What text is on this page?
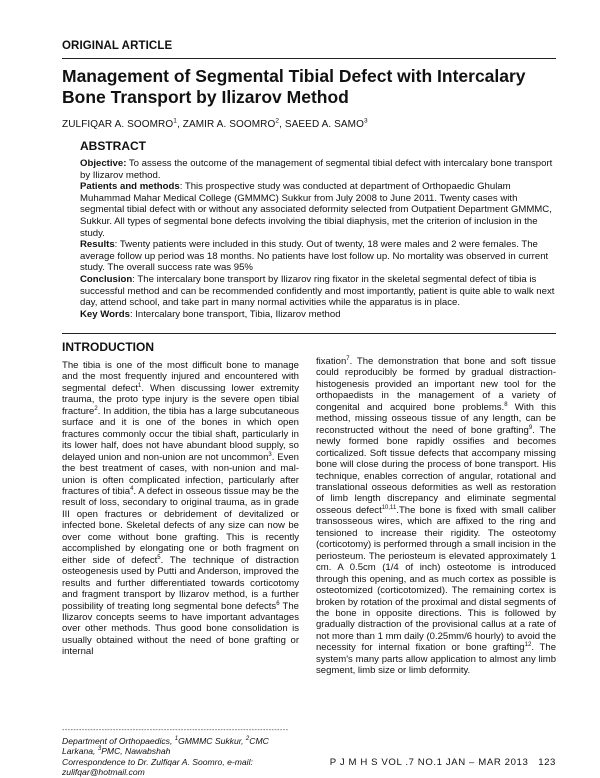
ORIGINAL ARTICLE
Management of Segmental Tibial Defect with Intercalary Bone Transport by Ilizarov Method
ZULFIQAR A. SOOMRO$^1$, ZAMIR A. SOOMRO$^2$, SAEED A. SAMO$^3$
ABSTRACT

Objective: To assess the outcome of the management of segmental tibial defect with intercalary bone transport by Ilizarov method.

Patients and methods: This prospective study was conducted at department of Orthopaedic Ghulam Muhammad Mahar Medical College (GMMMC) Sukkur from July 2008 to June 2011. Twenty cases with segmental tibial defect with or without any associated deformity selected from Outpatient Department GMMMC, Sukkur. All types of segmental bone defects involving the tibial diaphysis, met the criterion of inclusion in the study.

Results: Twenty patients were included in this study. Out of twenty, 18 were males and 2 were females. The average follow up period was 18 months. No patients have lost follow up. No mortality was observed in current study. The overall success rate was 95%

Conclusion: The intercalary bone transport by Ilizarov ring fixator in the skeletal segmental defect of tibia is successful method and can be recommended confidently and most importantly, patient is quite able to walk next day, attend school, and take part in many normal activities while the apparatus is in place.

Key Words: Intercalary bone transport, Tibia, Ilizarov method

INTRODUCTION

The tibia is one of the most difficult bone to manage and the most frequently injured and encountered with segmental defect$^1$. When discussing lower extremity trauma, the proto type injury is the severe open tibial fracture$^2$. In addition, the tibia has a large subcutaneous surface and it is one of the bones in which open fractures commonly occur the tibial shaft, particularly in its lower half, does not have abundant blood supply, so delayed union and non-union are not uncommon$^3$. Even the best treatment of cases, with non-union and mal-union is often complicated infection, particularly after fractures of tibia$^4$. A defect in osseous tissue may be the result of loss, secondary to original trauma, as in grade III open fractures or debridement of devitalized or infected bone. Skeletal defects of any size can now be over come without bone grafting. This is recently accomplished by elongating one or both fragment on either side of defect$^5$. The technique of distraction osteogenesis used by Putti and Anderson, improved the results and further differentiated towards corticotomy and fragment transport by Ilizarov method, is a further possibility of treating long segmental bone defects$^6$ The Ilizarov concepts seems to have important advantages over other methods. Thus good bone consolidation is usually obtained without the need of bone grafting or internal

fixation$^7$. The demonstration that bone and soft tissue could reproducibly be formed by gradual distraction-histogenesis provided an important new tool for the orthopaedists in the management of a variety of congenital and acquired bone problems.$^8$ With this method, missing osseous tissue of any length, can be reconstructed without the need of bone grafting$^9$. The newly formed bone rapidly ossifies and becomes corticalized. Soft tissue defects that accompany missing bone will close during the process of bone transport. His technique, enables correction of angular, rotational and translational osseous deformities as well as restoration of limb length discrepancy and eliminate segmental osseous defect$^{10,11}$.The bone is fixed with small caliber transosseous wires, which are affixed to the ring and tensioned to increase their rigidity. The osteotomy (corticotomy) is performed through a small incision in the periosteum. The periosteum is elevated approximately 1 cm. A 0.5cm (1/4 of inch) osteotome is introduced through this opening, and as much cortex as possible is osteotomized (corticotomized). The remaining cortex is broken by rotation of the proximal and distal segments of the bone in opposite directions. This is followed by gradually distraction of the provisional callus at a rate of not more than 1 mm daily (0.25mm/6 hourly) to avoid the necessity for internal fixation or bone grafting$^{12}$. The system's many parts allow application to almost any limb segment, limb size or limb deformity.

--------------------------------------------------------------------------------
Department of Orthopaedics, $^1$GMMMC Sukkur, $^2$CMC Larkana, $^3$PMC, Nawabshah
Correspondence to Dr. Zulfiqar A. Soomro, e-mail: zulifqar@hotmail.com
P J M H S VOL .7 NO.1 JAN – MAR 2013 123
